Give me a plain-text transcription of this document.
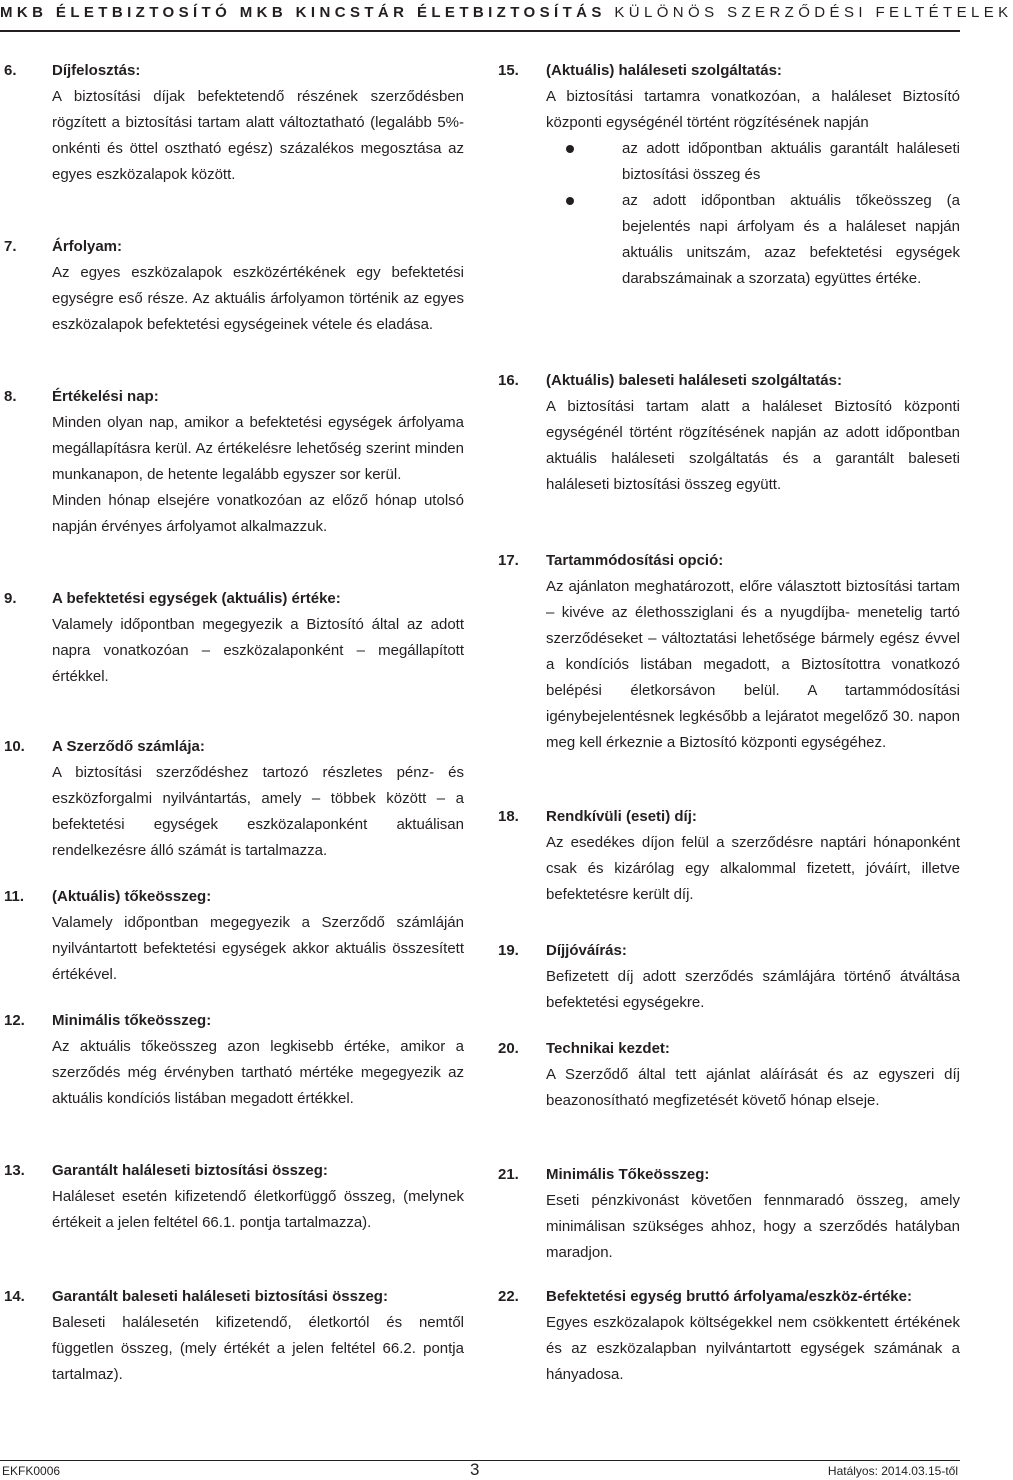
MKB ÉLETBIZTOSÍTÓ MKB KINCSTÁR ÉLETBIZTOSÍTÁS KÜLÖNÖS SZERZŐDÉSI FELTÉTELEK
6.	Díjfelosztás:

A biztosítási díjak befektetendő részének szerződésben rögzített a biztosítási tartam alatt változtatható (legalább 5%-onkénti és öttel osztható egész) százalékos megosztása az egyes eszközalapok között.

7.	Árfolyam:

Az egyes eszközalapok eszközértékének egy befektetési egységre eső része. Az aktuális árfolyamon történik az egyes eszközalapok befektetési egységeinek vétele és eladása.

8.	Értékelési nap:

Minden olyan nap, amikor a befektetési egységek árfolyama megállapításra kerül. Az értékelésre lehetőség szerint minden munkanapon, de hetente legalább egyszer sor kerül.

Minden hónap elsejére vonatkozóan az előző hónap utolsó napján érvényes árfolyamot alkalmazzuk.

9.	A befektetési egységek (aktuális) értéke:

Valamely időpontban megegyezik a Biztosító által az adott napra vonatkozóan – eszközalaponként – megállapított értékkel.

10.	A Szerződő számlája:

A biztosítási szerződéshez tartozó részletes pénz- és eszközforgalmi nyilvántartás, amely – többek között – a befektetési egységek eszközalaponként aktuálisan rendelkezésre álló számát is tartalmazza.

11.	(Aktuális) tőkeösszeg:

Valamely időpontban megegyezik a Szerződő számláján nyilvántartott befektetési egységek akkor aktuális összesített értékével.

12.	Minimális tőkeösszeg:

Az aktuális tőkeösszeg azon legkisebb értéke, amikor a szerződés még érvényben tartható mértéke megegyezik az aktuális kondíciós listában megadott értékkel.

13.	Garantált haláleseti biztosítási összeg:

Haláleset esetén kifizetendő életkorfüggő összeg, (melynek értékeit a jelen feltétel 66.1. pontja tartalmazza).

14.	Garantált baleseti haláleseti biztosítási összeg:

Baleseti halálesetén kifizetendő, életkortól és nemtől független összeg, (mely értékét a jelen feltétel 66.2. pontja tartalmaz).

15.	(Aktuális) haláleseti szolgáltatás:

A biztosítási tartamra vonatkozóan, a haláleset Biztosító központi egységénél történt rögzítésének napján

az adott időpontban aktuális garantált haláleseti biztosítási összeg és
az adott időpontban aktuális tőkeösszeg (a bejelentés napi árfolyam és a haláleset napján aktuális unitszám, azaz befektetési egységek darabszámainak a szorzata) együttes értéke.
16.	(Aktuális) baleseti haláleseti szolgáltatás:

A biztosítási tartam alatt a haláleset Biztosító központi egységénél történt rögzítésének napján az adott időpontban aktuális haláleseti szolgáltatás és a garantált baleseti haláleseti biztosítási összeg együtt.

17.	Tartammódosítási opció:

Az ajánlaton meghatározott, előre választott biztosítási tartam – kivéve az élethossziglani és a nyugdíjba- menetelig tartó szerződéseket – változtatási lehetősége bármely egész évvel a kondíciós listában megadott, a Biztosítottra vonatkozó belépési életkorsávon belül. A tartammódosítási igénybejelentésnek legkésőbb a lejáratot megelőző 30. napon meg kell érkeznie a Biztosító központi egységéhez.

18.	Rendkívüli (eseti) díj:

Az esedékes díjon felül a szerződésre naptári hónaponként csak és kizárólag egy alkalommal fizetett, jóváírt, illetve befektetésre került díj.

19.	Díjjóváírás:

Befizetett díj adott szerződés számlájára történő átváltása befektetési egységekre.

20.	Technikai kezdet:

A Szerződő által tett ajánlat aláírását és az egyszeri díj beazonosítható megfizetését követő hónap elseje.

21.	Minimális Tőkeösszeg:

Eseti pénzkivonást követően fennmaradó összeg, amely minimálisan szükséges ahhoz, hogy a szerződés hatályban maradjon.

22.	Befektetési egység bruttó árfolyama/eszköz-értéke:

Egyes eszközalapok költségekkel nem csökkentett értékének és az eszközalapban nyilvántartott egységek számának a hányadosa.

EKFK0006	3	Hatályos: 2014.03.15-től
